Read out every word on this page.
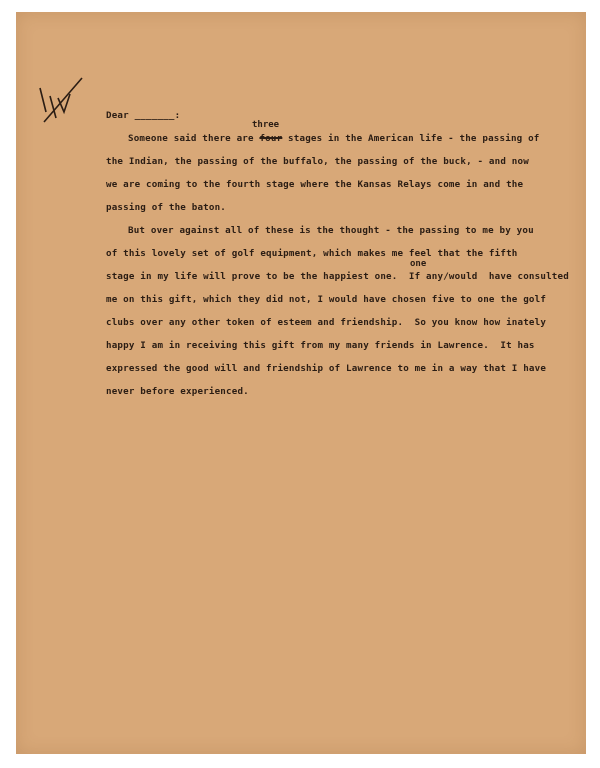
Dear _______:
three
Someone said there are four stages in the American life - the passing of
the Indian, the passing of the buffalo, the passing of the buck, - and now
we are coming to the fourth stage where the Kansas Relays come in and the
passing of the baton.
But over against all of these is the thought - the passing to me by you
of this lovely set of golf equipment, which makes me feel that the fifth
one
stage in my life will prove to be the happiest one.  If any/would  have consulted
me on this gift, which they did not, I would have chosen five to one the golf
clubs over any other token of esteem and friendship.  So you know how inately
happy I am in receiving this gift from my many friends in Lawrence.  It has
expressed the good will and friendship of Lawrence to me in a way that I have
never before experienced.
